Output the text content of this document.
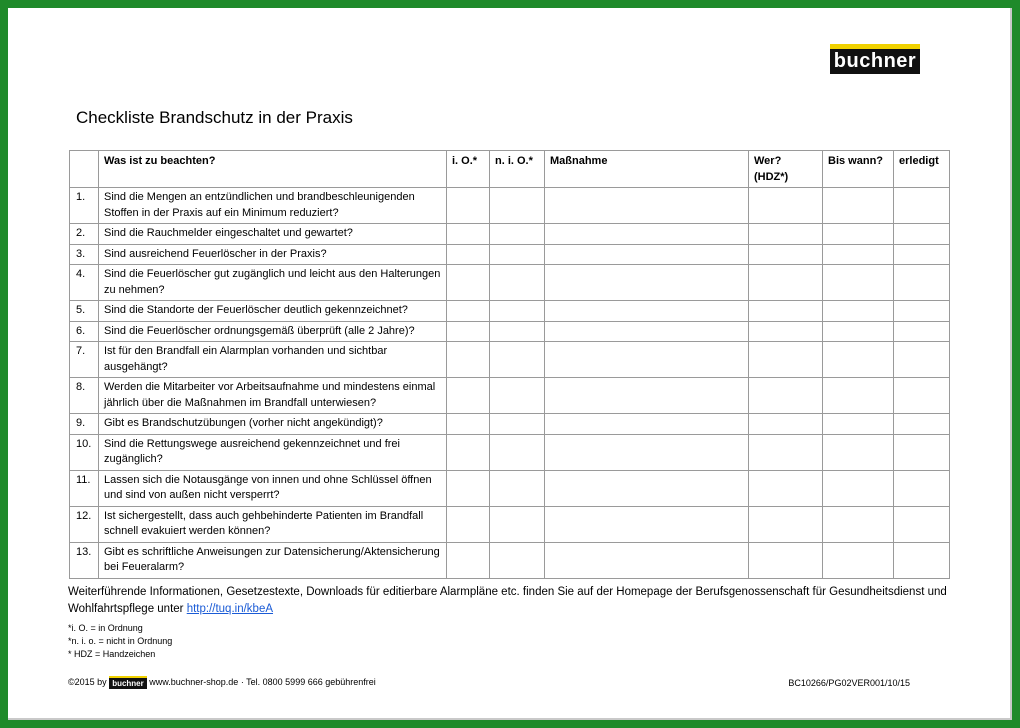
buchner
Checkliste Brandschutz in der Praxis
	Was ist zu beachten?	i. O.*	n. i. O.*	Maßnahme	Wer? (HDZ*)	Bis wann?	erledigt
1.	Sind die Mengen an entzündlichen und brandbeschleunigenden Stoffen in der Praxis auf ein Minimum reduziert?						
2.	Sind die Rauchmelder eingeschaltet und gewartet?						
3.	Sind ausreichend Feuerlöscher in der Praxis?						
4.	Sind die Feuerlöscher gut zugänglich und leicht aus den Halterungen zu nehmen?						
5.	Sind die Standorte der Feuerlöscher deutlich gekennzeichnet?						
6.	Sind die Feuerlöscher ordnungsgemäß überprüft (alle 2 Jahre)?						
7.	Ist für den Brandfall ein Alarmplan vorhanden und sichtbar ausgehängt?						
8.	Werden die Mitarbeiter vor Arbeitsaufnahme und mindestens einmal jährlich über die Maßnahmen im Brandfall unterwiesen?						
9.	Gibt es Brandschutzübungen (vorher nicht angekündigt)?						
10.	Sind die Rettungswege ausreichend gekennzeichnet und frei zugänglich?						
11.	Lassen sich die Notausgänge von innen und ohne Schlüssel öffnen und sind von außen nicht versperrt?						
12.	Ist sichergestellt, dass auch gehbehinderte Patienten im Brandfall schnell evakuiert werden können?						
13.	Gibt es schriftliche Anweisungen zur Datensicherung/Aktensicherung bei Feueralarm?						
Weiterführende Informationen, Gesetzestexte, Downloads für editierbare Alarmpläne etc. finden Sie auf der Homepage der Berufsgenossenschaft für Gesundheitsdienst und Wohlfahrtspflege unter http://tuq.in/kbeA
*i. O. = in Ordnung
*n. i. o. = nicht in Ordnung
* HDZ = Handzeichen
©2015 by buchner www.buchner-shop.de · Tel. 0800 5999 666 gebührenfrei	BC10266/PG02VER001/10/15
